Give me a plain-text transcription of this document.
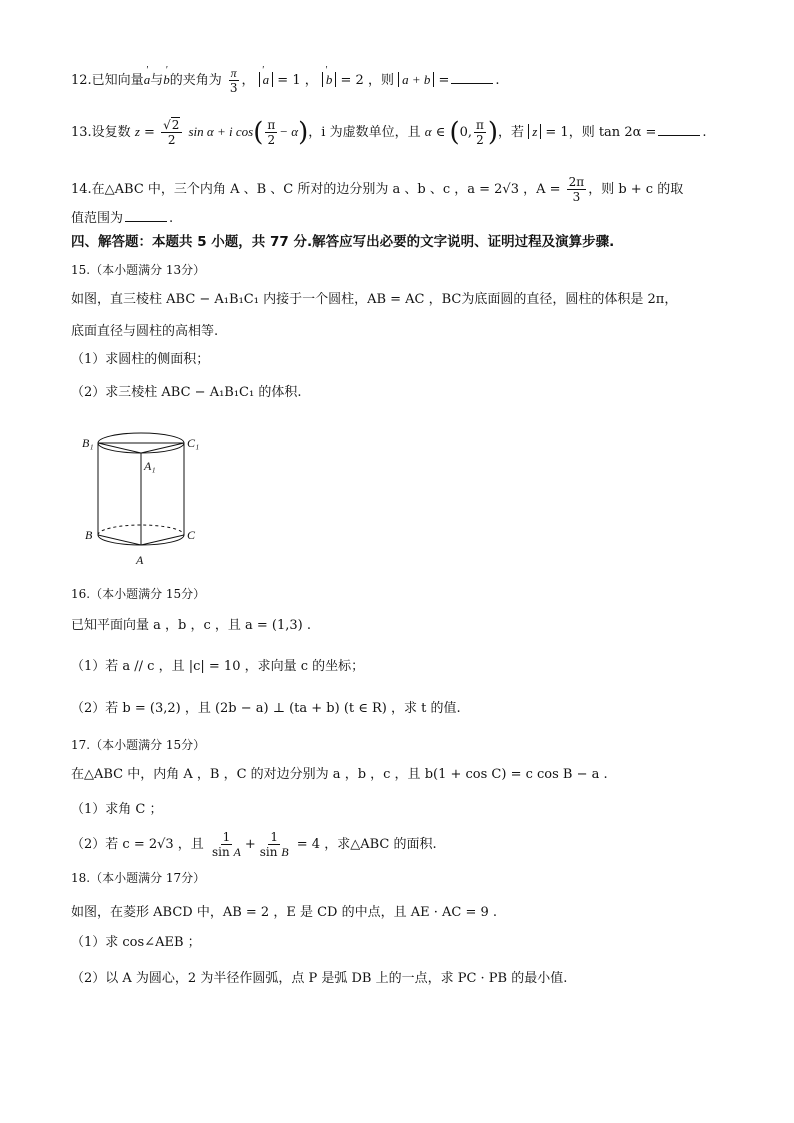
12.已知向量' a与' b的夹角为 $\frac{\pi}{3}$ ， ' a = 1 ， ' b = 2 ，则 a + b =	.
13.设复数 $z = \frac{√2}{2}$ sin α + i $\cos( \frac{\pi}{2} - \alpha)$，i 为虚数单位，且 α ∈ (0, $\frac{\pi}{2}$ )，若 z = 1，则 tan 2α =	.
14.在△ABC 中，三个内角 A 、B 、C 所对的边分别为 a 、b 、c ，a = 2√3 ，$A = \frac{2\pi}{3}$ ，则 b + c 的取
值范围为	.
四、解答题：本题共 5 小题，共 77 分.解答应写出必要的文字说明、证明过程及演算步骤.
15.（本小题满分 13分）
如图，直三棱柱 ABC − A₁B₁C₁ 内接于一个圆柱，AB = AC ，BC为底面圆的直径，圆柱的体积是 2π，
底面直径与圆柱的高相等.
（1）求圆柱的侧面积；
（2）求三棱柱 ABC − A₁B₁C₁ 的体积.
B₁	C₁
A₁
B	C
A
16.（本小题满分 15分）
已知平面向量 a ，b ，c ，且 a = (1,3) .
（1）若 a // c ，且 |c| = 10 ，求向量 c 的坐标；
（2）若 b = (3,2) ，且 (2b − a) ⊥ (ta + b) (t ∈ R) ，求 t 的值.
17.（本小题满分 15分）
在△ABC 中，内角 A ，B ，C 的对边分别为 a ，b ，c ，且 b(1 + cos C) = c cos B − a .
（1）求角 C ；
（2）若 c = 2√3 ，且 $\frac{1}{\text{sin A}} + \frac{1}{\text{sin B}} = 4$ ，求△ABC 的面积.
18.（本小题满分 17分）
如图，在菱形 ABCD 中，AB = 2 ，E 是 CD 的中点，且 AE · AC = 9 .
（1）求 cos∠AEB ；
（2）以 A 为圆心，2 为半径作圆弧，点 P 是弧 DB 上的一点，求 PC · PB 的最小值.
